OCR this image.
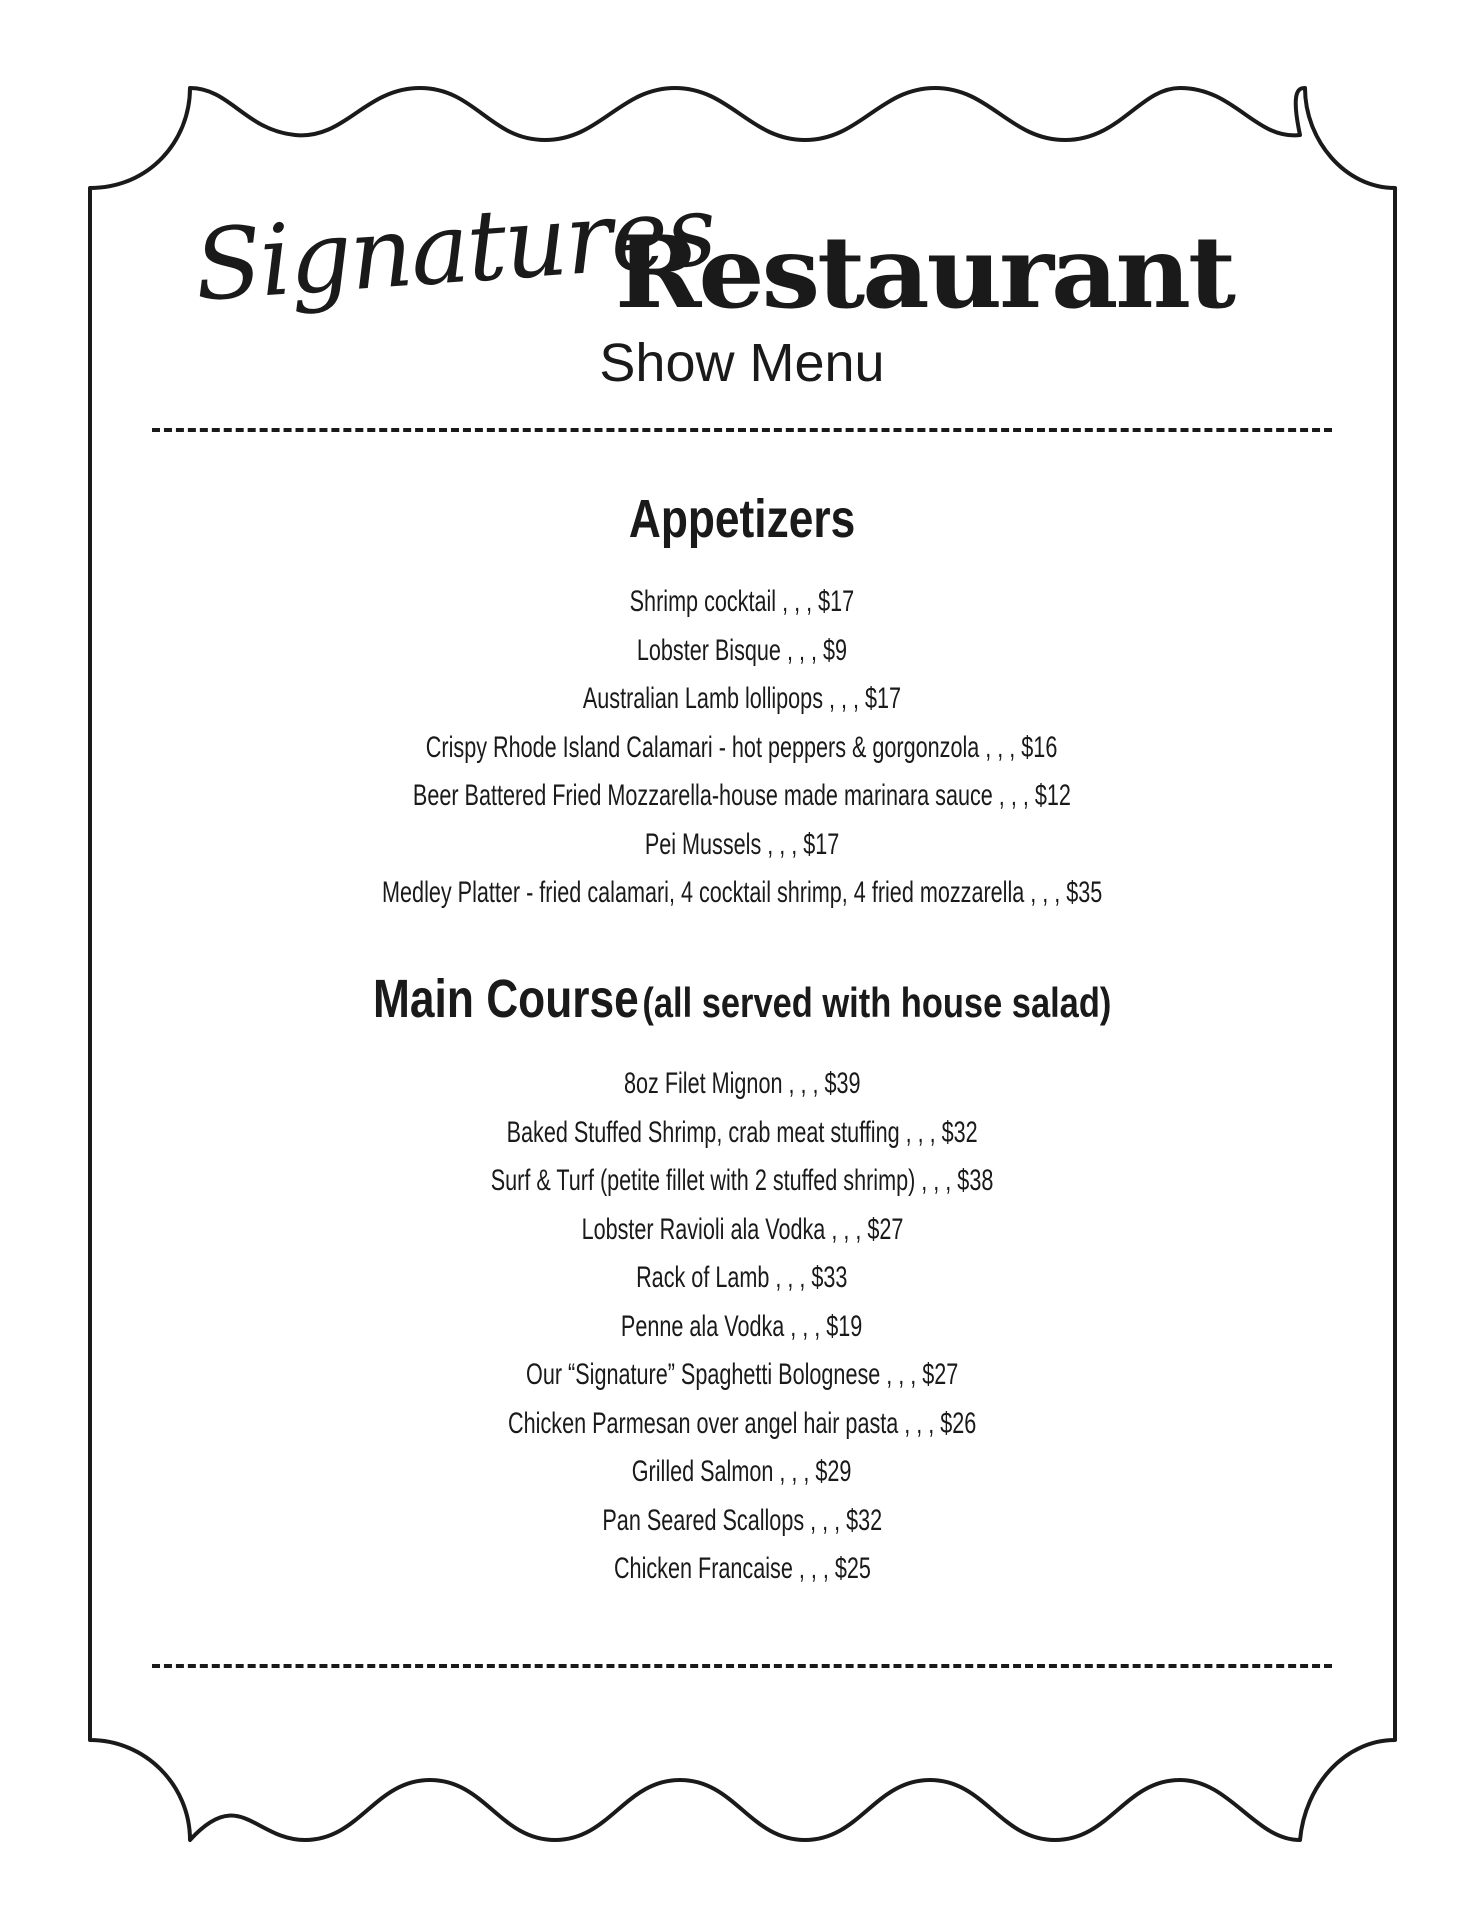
Signatures
Restaurant
Show Menu
Appetizers
Shrimp cocktail , , , $17
Lobster Bisque , , , $9
Australian Lamb lollipops , , , $17
Crispy Rhode Island Calamari - hot peppers & gorgonzola , , , $16
Beer Battered Fried Mozzarella-house made marinara sauce , , , $12
Pei Mussels , , , $17
Medley Platter - fried calamari, 4 cocktail shrimp, 4 fried mozzarella , , , $35
Main Course (all served with house salad)
8oz Filet Mignon , , , $39
Baked Stuffed Shrimp, crab meat stuffing , , , $32
Surf & Turf (petite fillet with 2 stuffed shrimp) , , , $38
Lobster Ravioli ala Vodka , , , $27
Rack of Lamb , , , $33
Penne ala Vodka , , , $19
Our “Signature” Spaghetti Bolognese , , , $27
Chicken Parmesan over angel hair pasta , , , $26
Grilled Salmon , , , $29
Pan Seared Scallops , , , $32
Chicken Francaise , , , $25
